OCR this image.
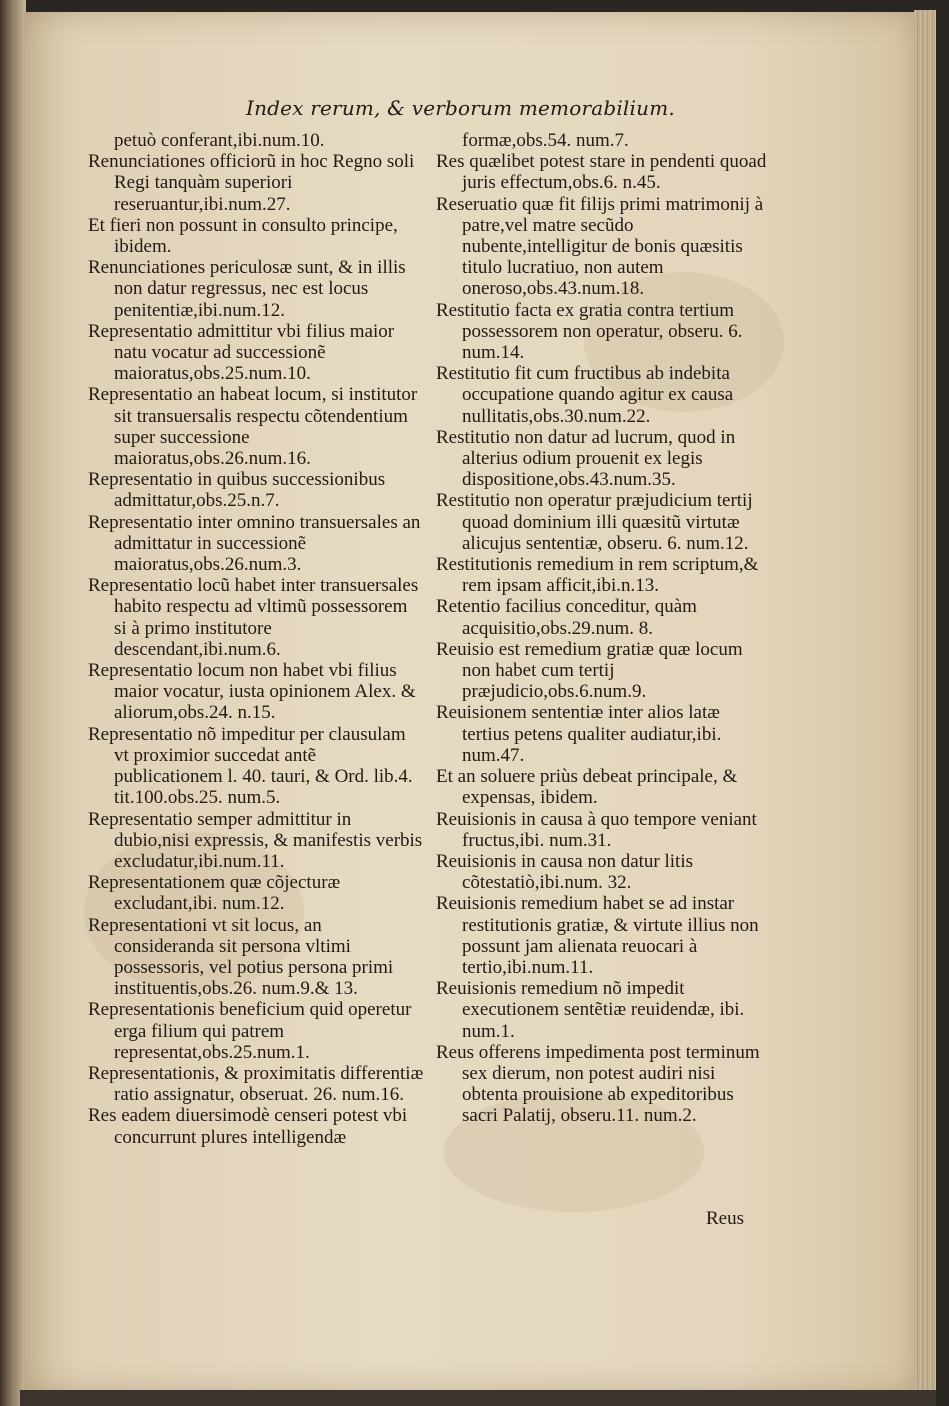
Index rerum, & verborum memorabilium.

petuò conferant,ibi.num.10.

Renunciationes officiorũ in hoc Regno soli Regi tanquàm superiori reseruantur,ibi.num.27.

Et fieri non possunt in consulto principe, ibidem.

Renunciationes periculosæ sunt, & in illis non datur regressus, nec est locus penitentiæ,ibi.num.12.

Representatio admittitur vbi filius maior natu vocatur ad successionẽ maioratus,obs.25.num.10.

Representatio an habeat locum, si institutor sit transuersalis respectu cõtendentium super successione maioratus,obs.26.num.16.

Representatio in quibus successionibus admittatur,obs.25.n.7.

Representatio inter omnino transuersales an admittatur in successionẽ maioratus,obs.26.num.3.

Representatio locũ habet inter transuersales habito respectu ad vltimũ possessorem si à primo institutore descendant,ibi.num.6.

Representatio locum non habet vbi filius maior vocatur, iusta opinionem Alex. & aliorum,obs.24. n.15.

Representatio nõ impeditur per clausulam vt proximior succedat antẽ publicationem l. 40. tauri, & Ord. lib.4. tit.100.obs.25. num.5.

Representatio semper admittitur in dubio,nisi expressis, & manifestis verbis excludatur,ibi.num.11.

Representationem quæ cõjecturæ excludant,ibi. num.12.

Representationi vt sit locus, an consideranda sit persona vltimi possessoris, vel potius persona primi instituentis,obs.26. num.9.& 13.

Representationis beneficium quid operetur erga filium qui patrem representat,obs.25.num.1.

Representationis, & proximitatis differentiæ ratio assignatur, obseruat. 26. num.16.

Res eadem diuersimodè censeri potest vbi concurrunt plures intelligendæ

formæ,obs.54. num.7.

Res quælibet potest stare in pendenti quoad juris effectum,obs.6. n.45.

Reseruatio quæ fit filijs primi matrimonij à patre,vel matre secũdo nubente,intelligitur de bonis quæsitis titulo lucratiuo, non autem oneroso,obs.43.num.18.

Restitutio facta ex gratia contra tertium possessorem non operatur, obseru. 6. num.14.

Restitutio fit cum fructibus ab indebita occupatione quando agitur ex causa nullitatis,obs.30.num.22.

Restitutio non datur ad lucrum, quod in alterius odium prouenit ex legis dispositione,obs.43.num.35.

Restitutio non operatur præjudicium tertij quoad dominium illi quæsitũ virtutæ alicujus sententiæ, obseru. 6. num.12.

Restitutionis remedium in rem scriptum,& rem ipsam afficit,ibi.n.13.

Retentio facilius conceditur, quàm acquisitio,obs.29.num. 8.

Reuisio est remedium gratiæ quæ locum non habet cum tertij præjudicio,obs.6.num.9.

Reuisionem sententiæ inter alios latæ tertius petens qualiter audiatur,ibi. num.47.

Et an soluere priùs debeat principale, & expensas, ibidem.

Reuisionis in causa à quo tempore veniant fructus,ibi. num.31.

Reuisionis in causa non datur litis cõtestatiò,ibi.num. 32.

Reuisionis remedium habet se ad instar restitutionis gratiæ, & virtute illius non possunt jam alienata reuocari à tertio,ibi.num.11.

Reuisionis remedium nõ impedit executionem sentẽtiæ reuidendæ, ibi. num.1.

Reus offerens impedimenta post terminum sex dierum, non potest audiri nisi obtenta prouisione ab expeditoribus sacri Palatij, obseru.11. num.2.

Reus
